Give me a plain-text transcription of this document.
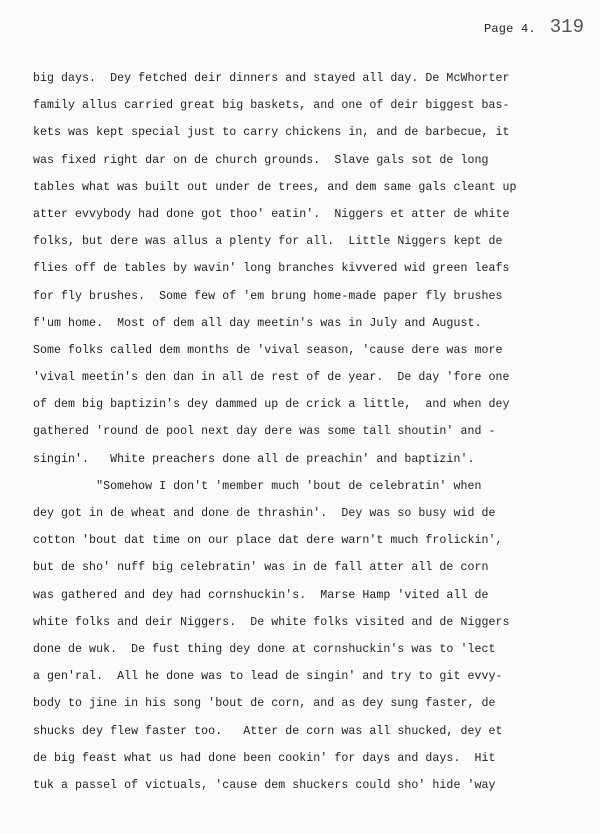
Page 4. 319
big days.  Dey fetched deir dinners and stayed all day. De McWhorter
family allus carried great big baskets, and one of deir biggest bas-
kets was kept special just to carry chickens in, and de barbecue, it
was fixed right dar on de church grounds.  Slave gals sot de long
tables what was built out under de trees, and dem same gals cleant up
atter evvybody had done got thoo' eatin'.  Niggers et atter de white
folks, but dere was allus a plenty for all.  Little Niggers kept de
flies off de tables by wavin' long branches kivvered wid green leafs
for fly brushes.  Some few of 'em brung home-made paper fly brushes
f'um home.  Most of dem all day meetin's was in July and August.
Some folks called dem months de 'vival season, 'cause dere was more
'vival meetin's den dan in all de rest of de year.  De day 'fore one
of dem big baptizin's dey dammed up de crick a little,  and when dey
gathered 'round de pool next day dere was some tall shoutin' and -
singin'.   White preachers done all de preachin' and baptizin'.
"Somehow I don't 'member much 'bout de celebratin' when
dey got in de wheat and done de thrashin'.  Dey was so busy wid de
cotton 'bout dat time on our place dat dere warn't much frolickin',
but de sho' nuff big celebratin' was in de fall atter all de corn
was gathered and dey had cornshuckin's.  Marse Hamp 'vited all de
white folks and deir Niggers.  De white folks visited and de Niggers
done de wuk.  De fust thing dey done at cornshuckin's was to 'lect
a gen'ral.  All he done was to lead de singin' and try to git evvy-
body to jine in his song 'bout de corn, and as dey sung faster, de
shucks dey flew faster too.   Atter de corn was all shucked, dey et
de big feast what us had done been cookin' for days and days.  Hit
tuk a passel of victuals, 'cause dem shuckers could sho' hide 'way
